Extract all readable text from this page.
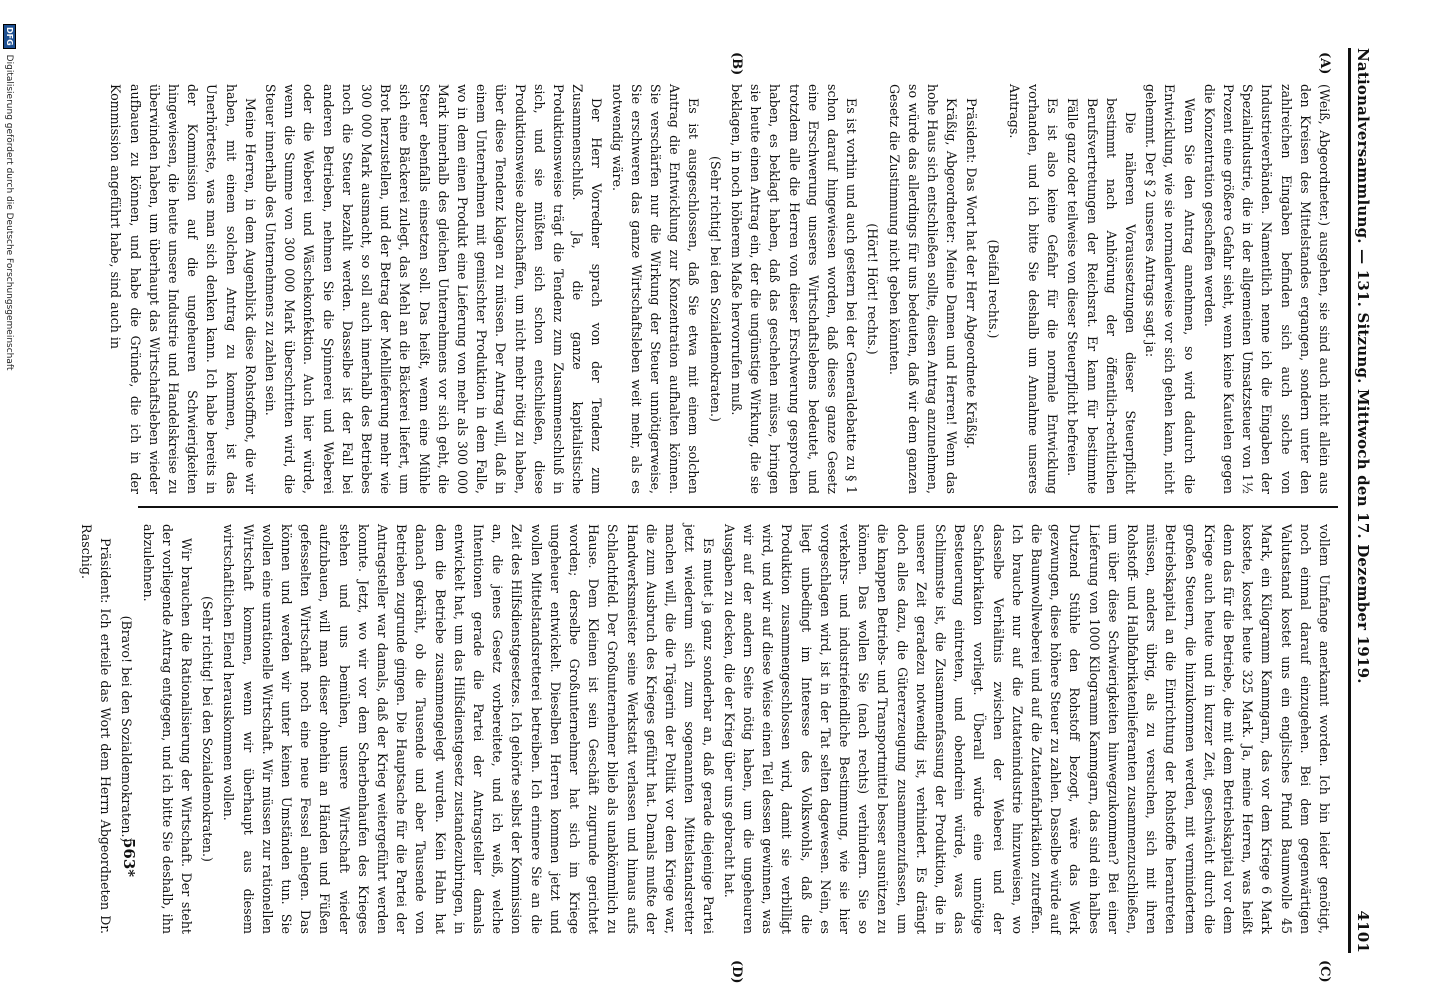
Nationalversammlung. — 131. Sitzung. Mittwoch den 17. Dezember 1919.
4101
(A)
(B)
(C)
(D)

(Weiß, Abgeordneter.) ausgehen, sie sind auch nicht allein aus den Kreisen des Mittelstandes ergangen, sondern unter den zahlreichen Eingaben befinden sich auch solche von Industrieverbänden. Namentlich nenne ich die Eingaben der Spezialindustrie, die in der allgemeinen Umsatzsteuer von 1½ Prozent eine größere Gefahr sieht, wenn keine Kautelen gegen die Konzentration geschaffen werden.

Wenn Sie den Antrag annehmen, so wird dadurch die Entwicklung, wie sie normalerweise vor sich gehen kann, nicht gehemmt. Der § 2 unseres Antrags sagt ja:

Die näheren Voraussetzungen dieser Steuerpflicht bestimmt nach Anhörung der öffentlich-rechtlichen Berufsvertretungen der Reichsrat. Er kann für bestimmte Fälle ganz oder teilweise von dieser Steuerpflicht befreien.

Es ist also keine Gefahr für die normale Entwicklung vorhanden, und ich bitte Sie deshalb um Annahme unseres Antrags.

(Beifall rechts.)

Präsident: Das Wort hat der Herr Abgeordnete Kräßig.

Kräßig, Abgeordneter: Meine Damen und Herren! Wenn das hohe Haus sich entschließen sollte, diesen Antrag anzunehmen, so würde das allerdings für uns bedeuten, daß wir dem ganzen Gesetz die Zustimmung nicht geben könnten.

(Hört! Hört! rechts.)

Es ist vorhin und auch gestern bei der Generaldebatte zu § 1 schon darauf hingewiesen worden, daß dieses ganze Gesetz eine Erschwerung unseres Wirtschaftslebens bedeutet, und trotzdem alle die Herren von dieser Erschwerung gesprochen haben, es beklagt haben, daß das geschehen müsse, bringen sie heute einen Antrag ein, der die ungünstige Wirkung, die sie beklagen, in noch höherem Maße hervorrufen muß.

(Sehr richtig! bei den Sozialdemokraten.)

Es ist ausgeschlossen, daß Sie etwa mit einem solchen Antrag die Entwicklung zur Konzentration aufhalten können. Sie verschärfen nur die Wirkung der Steuer unnötigerweise, Sie erschweren das ganze Wirtschaftsleben weit mehr, als es notwendig wäre.

Der Herr Vorredner sprach von der Tendenz zum Zusammenschluß. Ja, die ganze kapitalistische Produktionsweise trägt die Tendenz zum Zusammenschluß in sich, und sie müßten sich schon entschließen, diese Produktionsweise abzuschaffen, um nicht mehr nötig zu haben, über diese Tendenz klagen zu müssen. Der Antrag will, daß in einem Unternehmen mit gemischter Produktion in dem Falle, wo in dem einen Produkt eine Lieferung von mehr als 300 000 Mark innerhalb des gleichen Unternehmens vor sich geht, die Steuer ebenfalls einsetzen soll. Das heißt, wenn eine Mühle sich eine Bäckerei zulegt, das Mehl an die Bäckerei liefert, um Brot herzustellen, und der Betrag der Mehllieferung mehr wie 300 000 Mark ausmacht, so soll auch innerhalb des Betriebes noch die Steuer bezahlt werden. Dasselbe ist der Fall bei anderen Betrieben, nehmen Sie die Spinnerei und Weberei oder die Weberei und Wäschekonfektion. Auch hier würde, wenn die Summe von 300 000 Mark überschritten wird, die Steuer innerhalb des Unternehmens zu zahlen sein.

Meine Herren, in dem Augenblick diese Rohstoffnot, die wir haben, mit einem solchen Antrag zu kommen, ist das Unerhörteste, was man sich denken kann. Ich habe bereits in der Kommission auf die ungeheuren Schwierigkeiten hingewiesen, die heute unsere Industrie und Handelskreise zu überwinden haben, um überhaupt das Wirtschaftsleben wieder aufbauen zu können, und habe die Gründe, die ich in der Kommission angeführt habe, sind auch in

vollem Umfange anerkannt worden. Ich bin leider genötigt, noch einmal darauf einzugehen. Bei dem gegenwärtigen Valutastand kostet uns ein englisches Pfund Baumwolle 45 Mark, ein Kilogramm Kammgarn, das vor dem Kriege 6 Mark kostete, kostet heute 325 Mark. Ja, meine Herren, was heißt denn das für die Betriebe, die mit dem Betriebskapital vor dem Kriege auch heute und in kurzer Zeit, geschwächt durch die großen Steuern, die hinzukommen werden, mit vermindertem Betriebskapital an die Einrichtung der Rohstoffe herantreten müssen, anders übrig, als zu versuchen, sich mit ihren Rohstoff- und Halbfabrikatenlieferanten zusammenzuschließen, um über diese Schwierigkeiten hinwegzukommen? Bei einer Lieferung von 1000 Kilogramm Kammgarn, das sind ein halbes Dutzend Stühle den Rohstoff bezogt, wäre das Werk gezwungen, diese höhere Steuer zu zahlen. Dasselbe würde auf die Baumwollweberei und auf die Zutatenfabrikation zutreffen. Ich brauche nur auf die Zutatenindustrie hinzuweisen, wo dasselbe Verhältnis zwischen der Weberei und der Sachfabrikation vorliegt. Überall würde eine unnötige Besteuerung eintreten, und obendrein würde, was das Schlimmste ist, die Zusammenfassung der Produktion, die in unserer Zeit geradezu notwendig ist, verhindert. Es drängt doch alles dazu, die Gütererzeugung zusammenzufassen, um die knappen Betriebs- und Transportmittel besser ausnützen zu können. Das wollen Sie (nach rechts) verhindern. Sie so verkehrs- und industriefeindliche Bestimmung, wie sie hier vorgeschlagen wird, ist in der Tat selten dagewesen. Nein, es liegt unbedingt im Interesse des Volkswohls, daß die Produktion zusammengeschlossen wird, damit sie verbilligt wird, und wir auf diese Weise einen Teil dessen gewinnen, was wir auf der andern Seite nötig haben, um die ungeheuren Ausgaben zu decken, die der Krieg über uns gebracht hat.

Es mutet ja ganz sonderbar an, daß gerade diejenige Partei jetzt wiederum sich zum sogenannten Mittelstandsretter machen will, die die Trägerin der Politik vor dem Kriege war, die zum Ausbruch des Krieges geführt hat. Damals mußte der Handwerksmeister seine Werkstatt verlassen und hinaus aufs Schlachtfeld. Der Großunternehmer blieb als unabkömmlich zu Hause. Dem Kleinen ist sein Geschäft zugrunde gerichtet worden; derselbe Großunternehmer hat sich im Kriege ungeheuer entwickelt. Dieselben Herren kommen jetzt und wollen Mittelstandsretterei betreiben. Ich erinnere Sie an die Zeit des Hilfsdienstgesetzes. Ich gehörte selbst der Kommission an, die jenes Gesetz vorbereitete, und ich weiß, welche Intentionen gerade die Partei der Antragsteller damals entwickelt hat, um das Hilfsdienstgesetz zustandezubringen, in dem die Betriebe zusammengelegt wurden. Kein Hahn hat danach gekräht, ob die Tausende und aber Tausende von Betrieben zugrunde gingen. Die Hauptsache für die Partei der Antragsteller war damals, daß der Krieg weitergeführt werden konnte. Jetzt, wo wir vor dem Scherbenhaufen des Krieges stehen und uns bemühen, unsere Wirtschaft wieder aufzubauen, will man dieser ohnehin an Händen und Füßen gefesselten Wirtschaft noch eine neue Fessel anlegen. Das können und werden wir unter keinen Umständen tun. Sie wollen eine unrationelle Wirtschaft. Wir müssen zur rationellen Wirtschaft kommen, wenn wir überhaupt aus diesem wirtschaftlichen Elend herauskommen wollen.

(Sehr richtig! bei den Sozialdemokraten.)

Wir brauchen die Rationalisierung der Wirtschaft. Der steht der vorliegende Antrag entgegen, und ich bitte Sie deshalb, ihn abzulehnen.

(Bravo! bei den Sozialdemokraten.)

Präsident: Ich erteile das Wort dem Herrn Abgeordneten Dr. Raschig.

563*
DFG
Digitalisierung gefördert durch die Deutsche Forschungsgemeinschaft
